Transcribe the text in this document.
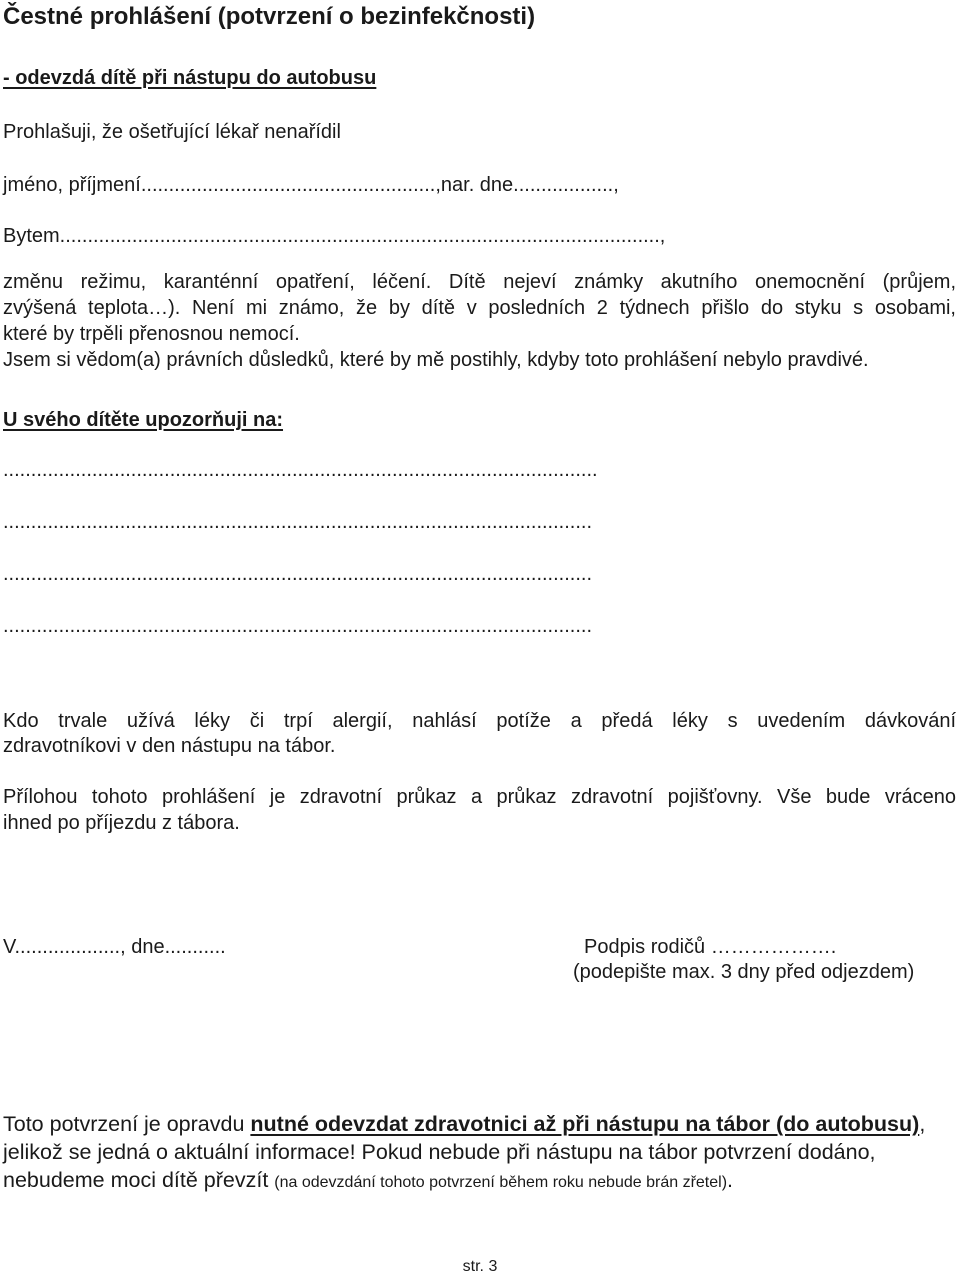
Čestné prohlášení (potvrzení o bezinfekčnosti)
- odevzdá dítě při nástupu do autobusu
Prohlašuji, že ošetřující lékař nenařídil
jméno, příjmení.....................................................,nar. dne..................,
Bytem............................................................................................................,
změnu režimu, karanténní opatření, léčení. Dítě nejeví známky akutního onemocnění (průjem,
zvýšená teplota…). Není mi známo, že by dítě v posledních 2 týdnech přišlo do styku s osobami,
které by trpěli přenosnou nemocí.
Jsem si vědom(a) právních důsledků, které by mě postihly, kdyby toto prohlášení nebylo pravdivé.
U svého dítěte upozorňuji na:
...........................................................................................................
..........................................................................................................
..........................................................................................................
..........................................................................................................
Kdo trvale užívá léky či trpí alergií, nahlásí potíže a předá léky s uvedením dávkování
zdravotníkovi v den nástupu na tábor.
Přílohou tohoto prohlášení je zdravotní průkaz a průkaz zdravotní pojišťovny. Vše bude vráceno
ihned po příjezdu z tábora.
V..................., dne...........	Podpis rodičů ……………….
(podepište max. 3 dny před odjezdem)
Toto potvrzení je opravdu nutné odevzdat zdravotnici až při nástupu na tábor (do autobusu), jelikož se jedná o aktuální informace! Pokud nebude při nástupu na tábor potvrzení dodáno, nebudeme moci dítě převzít (na odevzdání tohoto potvrzení během roku nebude brán zřetel).
str. 3
